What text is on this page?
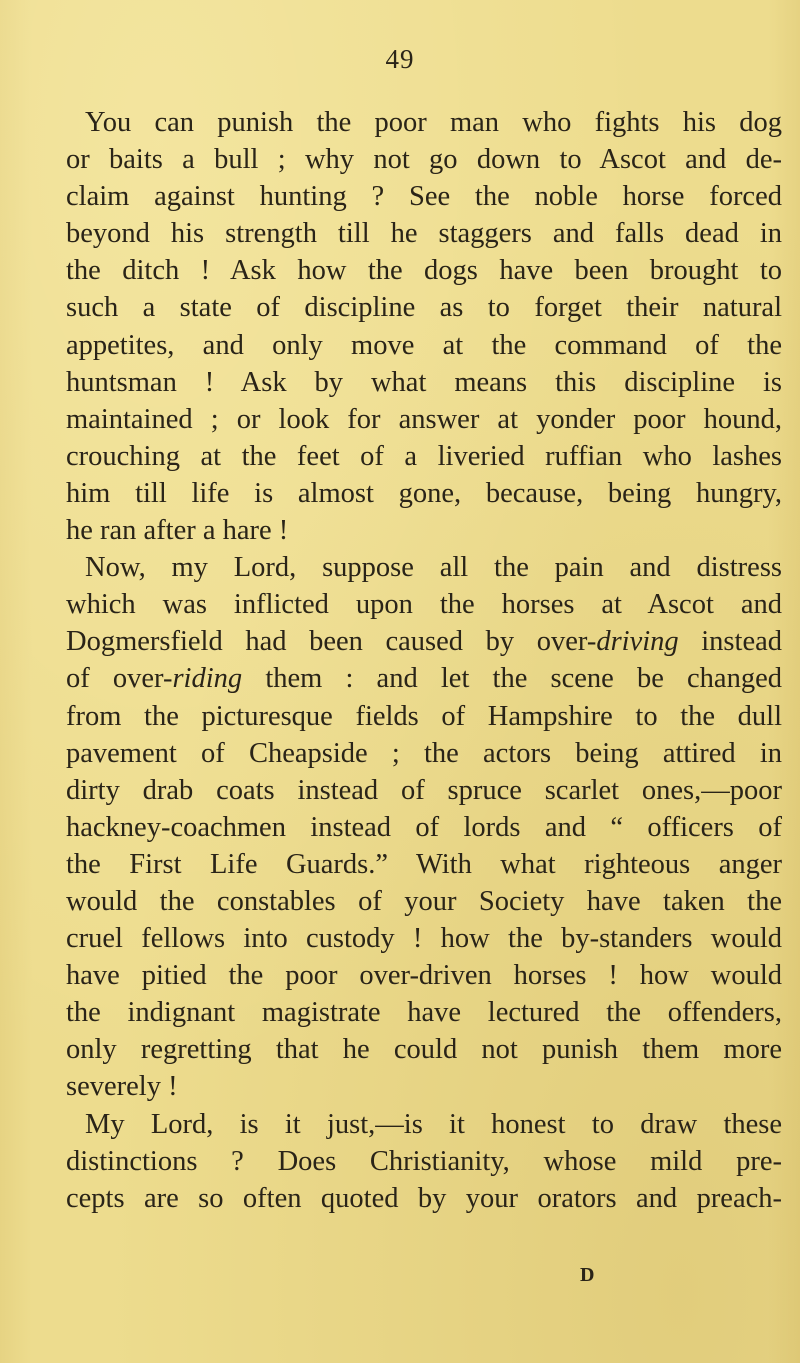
49
You can punish the poor man who fights his dog
or baits a bull ; why not go down to Ascot and de-
claim against hunting ? See the noble horse forced
beyond his strength till he staggers and falls dead in
the ditch ! Ask how the dogs have been brought to
such a state of discipline as to forget their natural
appetites, and only move at the command of the
huntsman ! Ask by what means this discipline is
maintained ; or look for answer at yonder poor hound,
crouching at the feet of a liveried ruffian who lashes
him till life is almost gone, because, being hungry,
he ran after a hare !
Now, my Lord, suppose all the pain and distress
which was inflicted upon the horses at Ascot and
Dogmersfield had been caused by over-driving instead
of over-riding them : and let the scene be changed
from the picturesque fields of Hampshire to the dull
pavement of Cheapside ; the actors being attired in
dirty drab coats instead of spruce scarlet ones,—poor
hackney-coachmen instead of lords and “ officers of
the First Life Guards.” With what righteous anger
would the constables of your Society have taken the
cruel fellows into custody ! how the by-standers would
have pitied the poor over-driven horses ! how would
the indignant magistrate have lectured the offenders,
only regretting that he could not punish them more
severely !
My Lord, is it just,—is it honest to draw these
distinctions ? Does Christianity, whose mild pre-
cepts are so often quoted by your orators and preach-
D
